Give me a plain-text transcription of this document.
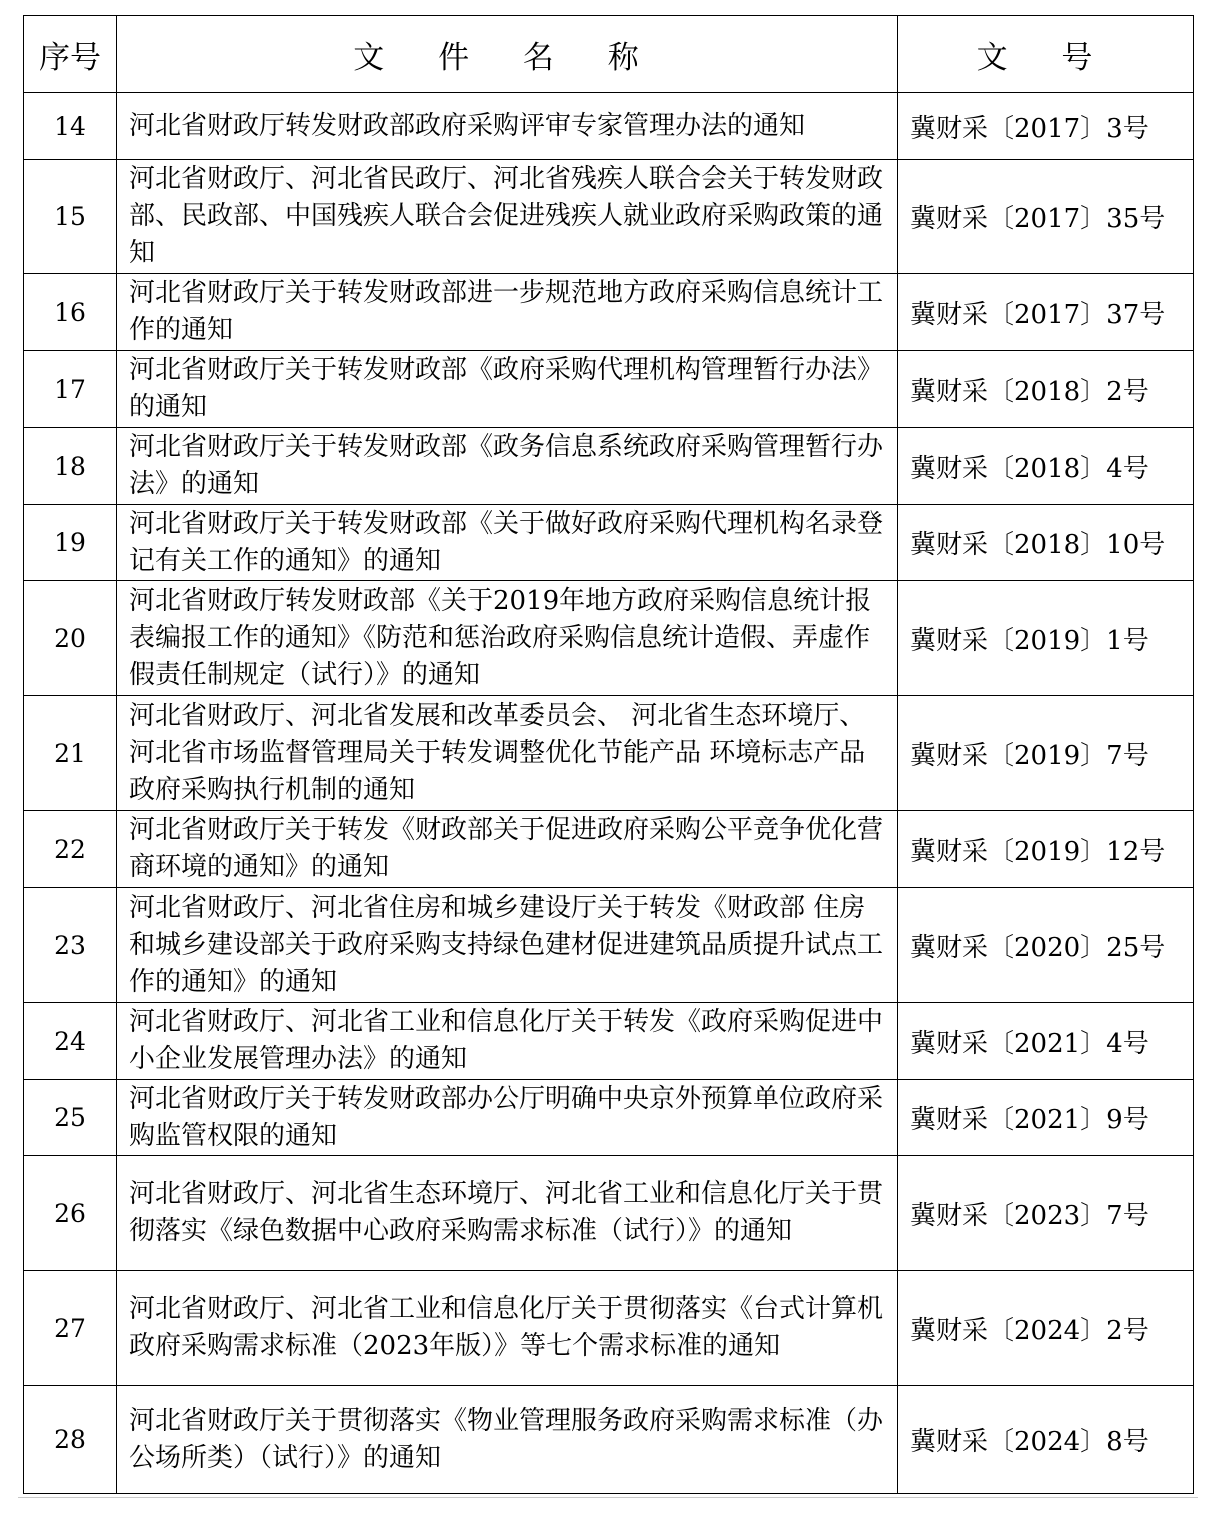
序号	文 件 名 称	文 号
14	河北省财政厅转发财政部政府采购评审专家管理办法的通知	冀财采〔2017〕3号
15	河北省财政厅、河北省民政厅、河北省残疾人联合会关于转发财政部、民政部、中国残疾人联合会促进残疾人就业政府采购政策的通知	冀财采〔2017〕35号
16	河北省财政厅关于转发财政部进一步规范地方政府采购信息统计工作的通知	冀财采〔2017〕37号
17	河北省财政厅关于转发财政部《政府采购代理机构管理暂行办法》的通知	冀财采〔2018〕2号
18	河北省财政厅关于转发财政部《政务信息系统政府采购管理暂行办法》的通知	冀财采〔2018〕4号
19	河北省财政厅关于转发财政部《关于做好政府采购代理机构名录登记有关工作的通知》的通知	冀财采〔2018〕10号
20	河北省财政厅转发财政部《关于2019年地方政府采购信息统计报表编报工作的通知》《防范和惩治政府采购信息统计造假、弄虚作假责任制规定（试行）》的通知	冀财采〔2019〕1号
21	河北省财政厅、河北省发展和改革委员会、 河北省生态环境厅、河北省市场监督管理局关于转发调整优化节能产品 环境标志产品政府采购执行机制的通知	冀财采〔2019〕7号
22	河北省财政厅关于转发《财政部关于促进政府采购公平竞争优化营商环境的通知》的通知	冀财采〔2019〕12号
23	河北省财政厅、河北省住房和城乡建设厅关于转发《财政部 住房和城乡建设部关于政府采购支持绿色建材促进建筑品质提升试点工作的通知》的通知	冀财采〔2020〕25号
24	河北省财政厅、河北省工业和信息化厅关于转发《政府采购促进中小企业发展管理办法》的通知	冀财采〔2021〕4号
25	河北省财政厅关于转发财政部办公厅明确中央京外预算单位政府采购监管权限的通知	冀财采〔2021〕9号
26	河北省财政厅、河北省生态环境厅、河北省工业和信息化厅关于贯彻落实《绿色数据中心政府采购需求标准（试行）》的通知	冀财采〔2023〕7号
27	河北省财政厅、河北省工业和信息化厅关于贯彻落实《台式计算机政府采购需求标准（2023年版）》等七个需求标准的通知	冀财采〔2024〕2号
28	河北省财政厅关于贯彻落实《物业管理服务政府采购需求标准（办公场所类）（试行）》的通知	冀财采〔2024〕8号
